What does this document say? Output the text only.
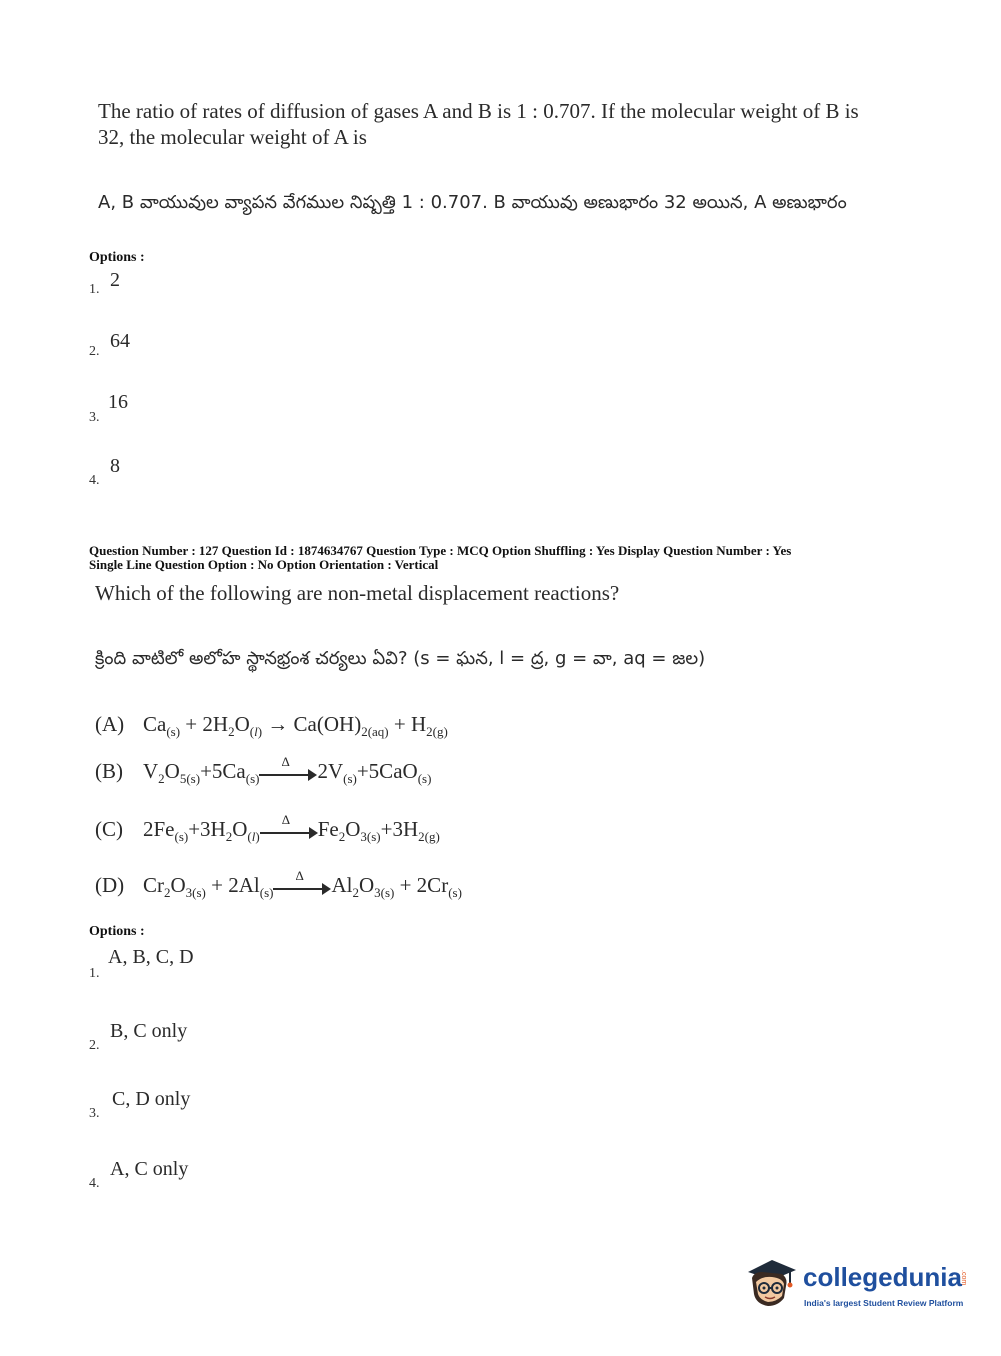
The ratio of rates of diffusion of gases A and B is 1 : 0.707. If the molecular weight of B is
32, the molecular weight of A is
A, B వాయువుల వ్యాపన వేగముల నిష్పత్తి 1 : 0.707. B వాయువు అణుభారం 32 అయిన, A అణుభారం
Options :
1. 2
2. 64
3.
16
4.
8
Question Number : 127 Question Id : 1874634767 Question Type : MCQ Option Shuffling : Yes Display Question Number : Yes
Single Line Question Option : No Option Orientation : Vertical
Which of the following are non-metal displacement reactions?
క్రింది వాటిలో అలోహ స్థానభ్రంశ చర్యలు ఏవి? (s = ఘన, l = ద్ర, g = వా, aq = జల)
(A) $Ca_{(s)} + 2H_2O_{(l)} \to Ca(OH)_{2(aq)} + H_{2(g)}$
(B) $V_2O_{5(s)}+5Ca_{(s)}$
Δ $2V_{(s)}+5CaO_{(s)}$
(C) $2Fe_{(s)}+3H_2O_{(l)}$
Δ $Fe_2O_{3(s)}+3H_{2(g)}$
(D) $Cr_2O_{3(s)} + 2Al_{(s)}$
Δ $Al_2O_{3(s)} + 2Cr_{(s)}$
Options :
1.
A, B, C, D
2.
B, C only
3.
C, D only
4.
A, C only
collegedunia
.com
India's largest Student Review Platform
